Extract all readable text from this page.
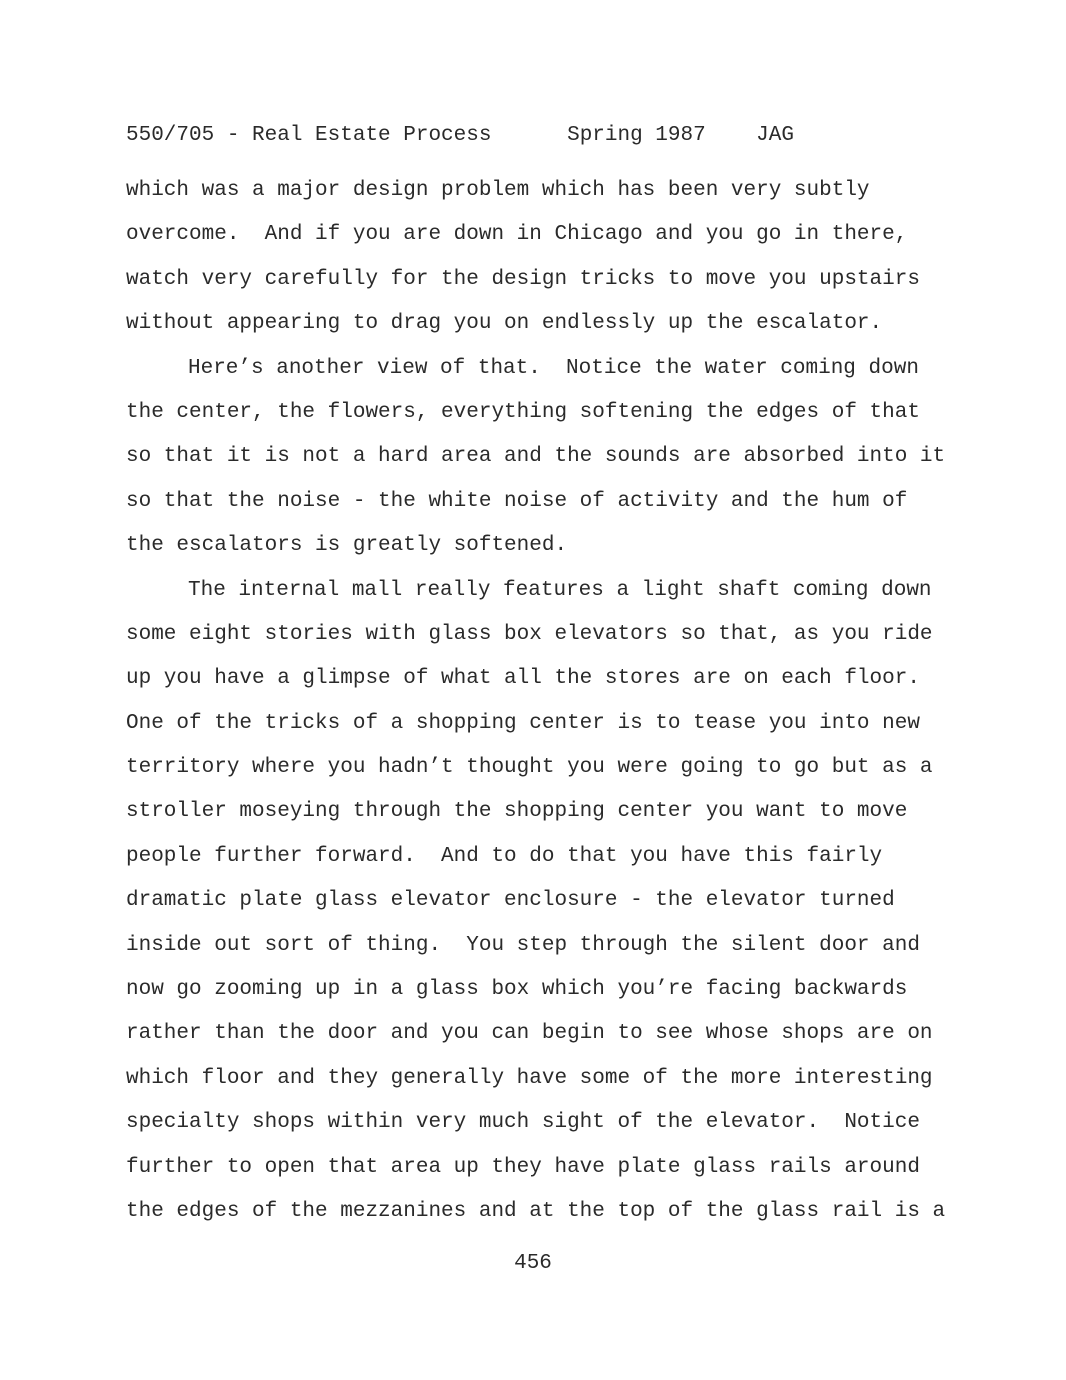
550/705 - Real Estate Process	Spring 1987 JAG
which was a major design problem which has been very subtly
overcome.  And if you are down in Chicago and you go in there,
watch very carefully for the design tricks to move you upstairs
without appearing to drag you on endlessly up the escalator.
Here’s another view of that.  Notice the water coming down
the center, the flowers, everything softening the edges of that
so that it is not a hard area and the sounds are absorbed into it
so that the noise - the white noise of activity and the hum of
the escalators is greatly softened.
The internal mall really features a light shaft coming down
some eight stories with glass box elevators so that, as you ride
up you have a glimpse of what all the stores are on each floor.
One of the tricks of a shopping center is to tease you into new
territory where you hadn’t thought you were going to go but as a
stroller moseying through the shopping center you want to move
people further forward.  And to do that you have this fairly
dramatic plate glass elevator enclosure - the elevator turned
inside out sort of thing.  You step through the silent door and
now go zooming up in a glass box which you’re facing backwards
rather than the door and you can begin to see whose shops are on
which floor and they generally have some of the more interesting
specialty shops within very much sight of the elevator.  Notice
further to open that area up they have plate glass rails around
the edges of the mezzanines and at the top of the glass rail is a
456
